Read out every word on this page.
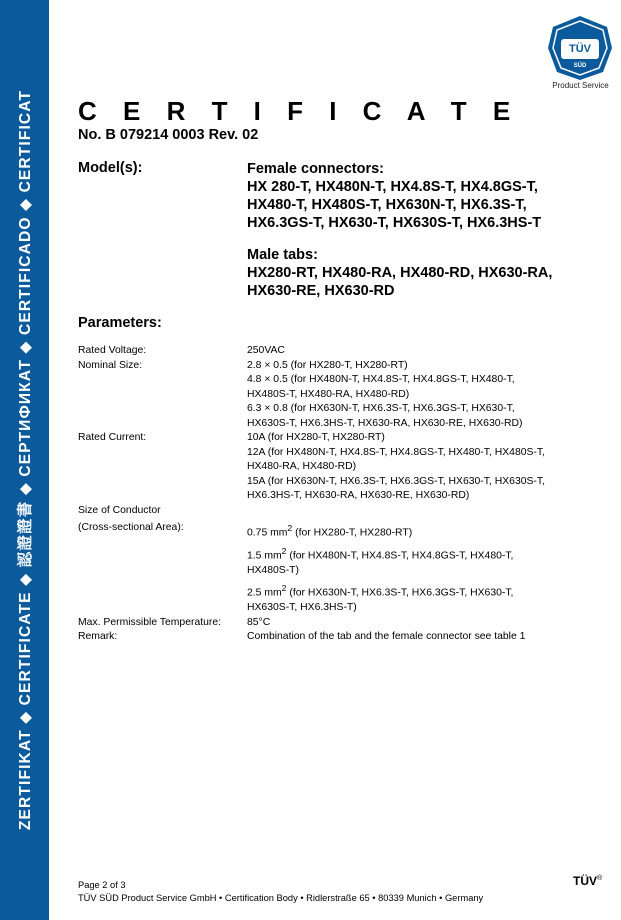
ZERTIFIKAT ◆ CERTIFICATE ◆ 認證證書 ◆ СЕРТИФИКАТ ◆ CERTIFICADO ◆ CERTIFICAT
TÜV
SÜD
Product Service
C E R T I F I C A T E
No. B 079214 0003 Rev. 02
Model(s):	Female connectors:
HX 280-T, HX480N-T, HX4.8S-T, HX4.8GS-T,
HX480-T, HX480S-T, HX630N-T, HX6.3S-T,
HX6.3GS-T, HX630-T, HX630S-T, HX6.3HS-T
Male tabs:
HX280-RT, HX480-RA, HX480-RD, HX630-RA,
HX630-RE, HX630-RD
Parameters:
Rated Voltage:	250VAC
Nominal Size:	2.8 × 0.5 (for HX280-T, HX280-RT)
4.8 × 0.5 (for HX480N-T, HX4.8S-T, HX4.8GS-T, HX480-T,
HX480S-T, HX480-RA, HX480-RD)
6.3 × 0.8 (for HX630N-T, HX6.3S-T, HX6.3GS-T, HX630-T,
HX630S-T, HX6.3HS-T, HX630-RA, HX630-RE, HX630-RD)
Rated Current:	10A (for HX280-T, HX280-RT)
12A (for HX480N-T, HX4.8S-T, HX4.8GS-T, HX480-T, HX480S-T,
HX480-RA, HX480-RD)
15A (for HX630N-T, HX6.3S-T, HX6.3GS-T, HX630-T, HX630S-T,
HX6.3HS-T, HX630-RA, HX630-RE, HX630-RD)
Size of Conductor
(Cross-sectional Area):	0.75 $mm^2$ (for HX280-T, HX280-RT)
1.5 $mm^2$ (for HX480N-T, HX4.8S-T, HX4.8GS-T, HX480-T,
HX480S-T)
2.5 $mm^2$ (for HX630N-T, HX6.3S-T, HX6.3GS-T, HX630-T,
HX630S-T, HX6.3HS-T)
Max. Permissible Temperature:	85°C
Remark:	Combination of the tab and the female connector see table 1
Page 2 of 3
TÜV SÜD Product Service GmbH • Certification Body • Ridlerstraße 65 • 80339 Munich • Germany
TÜV®
